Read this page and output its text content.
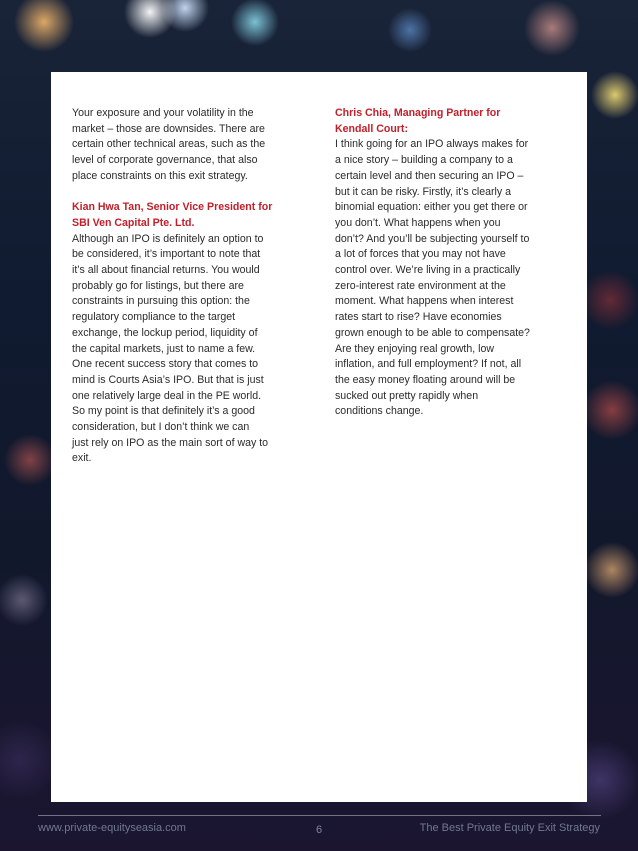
Your exposure and your volatility in the

market – those are downsides. There are

certain other technical areas, such as the

level of corporate governance, that also

place constraints on this exit strategy.

Kian Hwa Tan, Senior Vice President for

SBI Ven Capital Pte. Ltd.

Although an IPO is definitely an option to

be considered, it’s important to note that

it’s all about financial returns. You would

probably go for listings, but there are

constraints in pursuing this option: the

regulatory compliance to the target

exchange, the lockup period, liquidity of

the capital markets, just to name a few.

One recent success story that comes to

mind is Courts Asia’s IPO. But that is just

one relatively large deal in the PE world.

So my point is that definitely it’s a good

consideration, but I don’t think we can

just rely on IPO as the main sort of way to

exit.

Chris Chia, Managing Partner for

Kendall Court:

I think going for an IPO always makes for

a nice story – building a company to a

certain level and then securing an IPO –

but it can be risky. Firstly, it’s clearly a

binomial equation: either you get there or

you don’t. What happens when you

don’t? And you’ll be subjecting yourself to

a lot of forces that you may not have

control over. We’re living in a practically

zero-interest rate environment at the

moment. What happens when interest

rates start to rise? Have economies

grown enough to be able to compensate?

Are they enjoying real growth, low

inflation, and full employment? If not, all

the easy money floating around will be

sucked out pretty rapidly when

conditions change.

www.private-equityseasia.com	6	The Best Private Equity Exit Strategy
